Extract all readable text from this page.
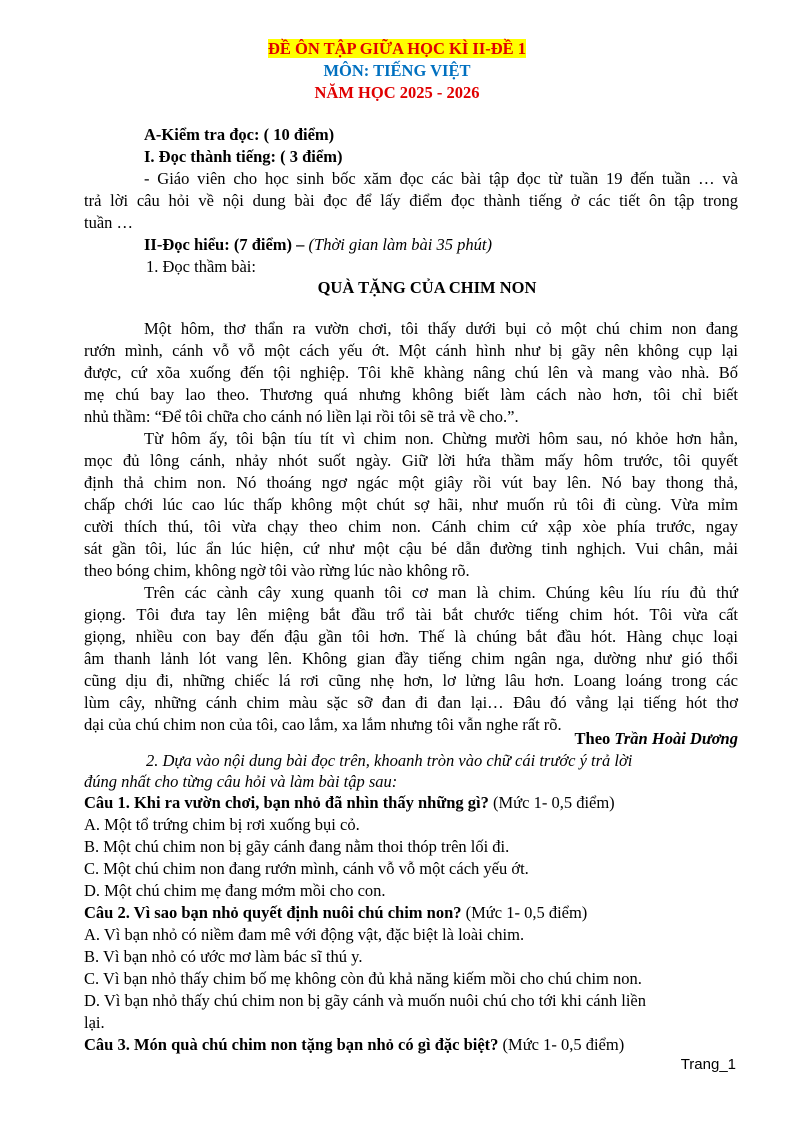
ĐỀ ÔN TẬP GIỮA HỌC KÌ II-ĐỀ 1
MÔN: TIẾNG VIỆT
NĂM HỌC 2025 - 2026
A-Kiểm tra đọc: ( 10 điểm)
I. Đọc thành tiếng: ( 3 điểm)
- Giáo viên cho học sinh bốc xăm đọc các bài tập đọc từ tuần 19 đến tuần … và
trả lời câu hỏi về nội dung bài đọc để lấy điểm đọc thành tiếng ở các tiết ôn tập trong
tuần …
II-Đọc hiểu: (7 điểm) – (Thời gian làm bài 35 phút)
1. Đọc thầm bài:
QUÀ TẶNG CỦA CHIM NON
Một hôm, thơ thẩn ra vườn chơi, tôi thấy dưới bụi cỏ một chú chim non đang
rướn mình, cánh vỗ vỗ một cách yếu ớt. Một cánh hình như bị gãy nên không cụp lại
được, cứ xõa xuống đến tội nghiệp. Tôi khẽ khàng nâng chú lên và mang vào nhà. Bố
mẹ chú bay lao theo. Thương quá nhưng không biết làm cách nào hơn, tôi chỉ biết
nhủ thầm: “Để tôi chữa cho cánh nó liền lại rồi tôi sẽ trả về cho.”.
Từ hôm ấy, tôi bận tíu tít vì chim non. Chừng mười hôm sau, nó khỏe hơn hẳn,
mọc đủ lông cánh, nhảy nhót suốt ngày. Giữ lời hứa thầm mấy hôm trước, tôi quyết
định thả chim non. Nó thoáng ngơ ngác một giây rồi vút bay lên. Nó bay thong thả,
chấp chới lúc cao lúc thấp không một chút sợ hãi, như muốn rủ tôi đi cùng. Vừa mỉm
cười thích thú, tôi vừa chạy theo chim non. Cánh chim cứ xập xòe phía trước, ngay
sát gần tôi, lúc ẩn lúc hiện, cứ như một cậu bé dẫn đường tinh nghịch. Vui chân, mải
theo bóng chim, không ngờ tôi vào rừng lúc nào không rõ.
Trên các cành cây xung quanh tôi cơ man là chim. Chúng kêu líu ríu đủ thứ
giọng. Tôi đưa tay lên miệng bắt đầu trổ tài bắt chước tiếng chim hót. Tôi vừa cất
giọng, nhiều con bay đến đậu gần tôi hơn. Thế là chúng bắt đầu hót. Hàng chục loại
âm thanh lảnh lót vang lên. Không gian đầy tiếng chim ngân nga, dường như gió thổi
cũng dịu đi, những chiếc lá rơi cũng nhẹ hơn, lơ lửng lâu hơn. Loang loáng trong các
lùm cây, những cánh chim màu sặc sỡ đan đi đan lại… Đâu đó vẳng lại tiếng hót thơ
dại của chú chim non của tôi, cao lắm, xa lắm nhưng tôi vẫn nghe rất rõ.
Theo Trần Hoài Dương
2. Dựa vào nội dung bài đọc trên, khoanh tròn vào chữ cái trước ý trả lời
đúng nhất cho từng câu hỏi và làm bài tập sau:
Câu 1. Khi ra vườn chơi, bạn nhỏ đã nhìn thấy những gì? (Mức 1- 0,5 điểm)
A. Một tổ trứng chim bị rơi xuống bụi cỏ.
B. Một chú chim non bị gãy cánh đang nằm thoi thóp trên lối đi.
C. Một chú chim non đang rướn mình, cánh vỗ vỗ một cách yếu ớt.
D. Một chú chim mẹ đang mớm mồi cho con.
Câu 2. Vì sao bạn nhỏ quyết định nuôi chú chim non? (Mức 1- 0,5 điểm)
A. Vì bạn nhỏ có niềm đam mê với động vật, đặc biệt là loài chim.
B. Vì bạn nhỏ có ước mơ làm bác sĩ thú y.
C. Vì bạn nhỏ thấy chim bố mẹ không còn đủ khả năng kiếm mồi cho chú chim non.
D. Vì bạn nhỏ thấy chú chim non bị gãy cánh và muốn nuôi chú cho tới khi cánh liền
lại.
Câu 3. Món quà chú chim non tặng bạn nhỏ có gì đặc biệt? (Mức 1- 0,5 điểm)
Trang_1
